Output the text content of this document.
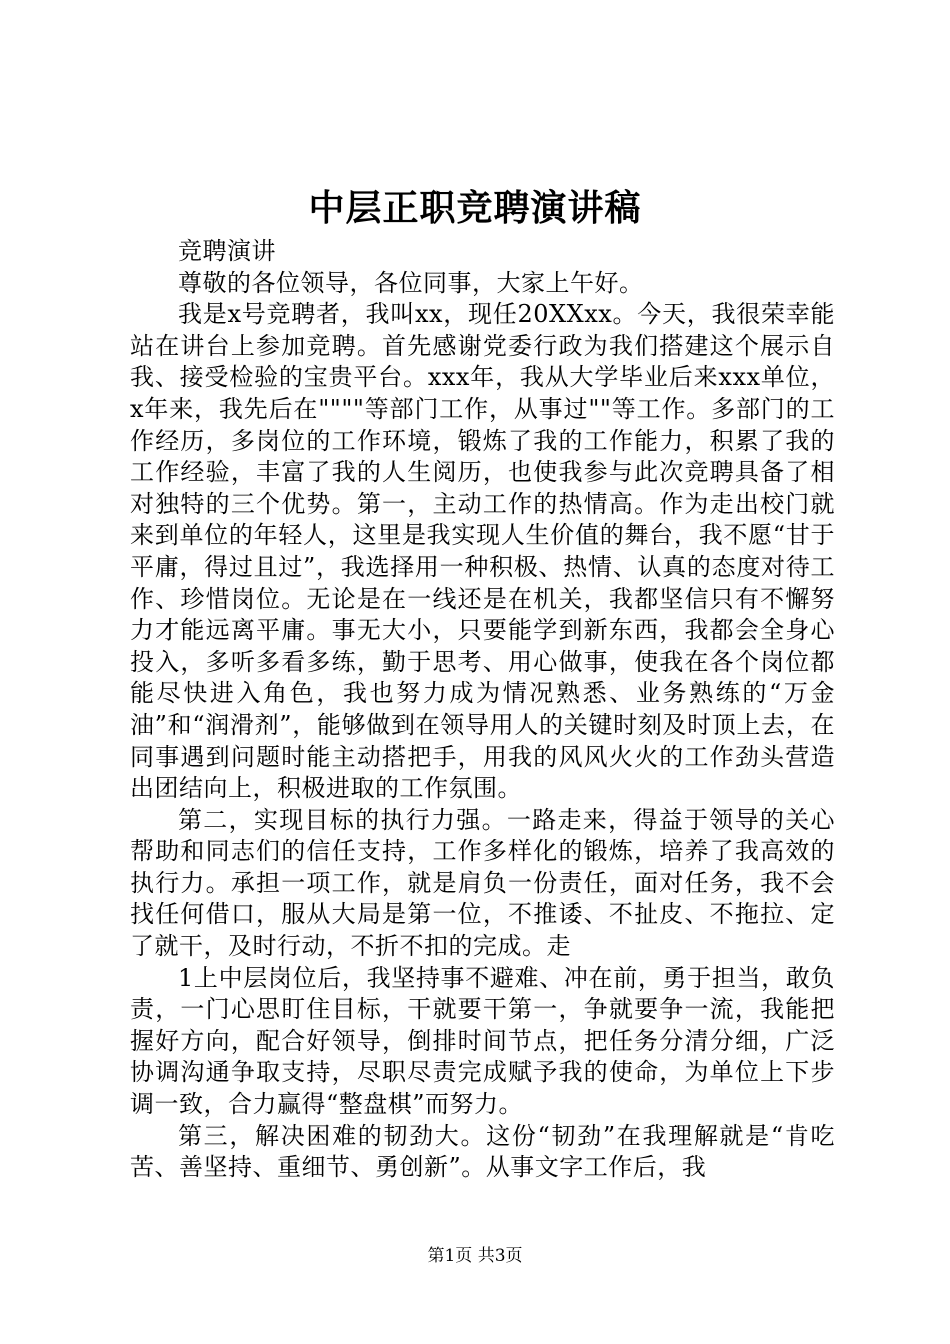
中层正职竞聘演讲稿

竞聘演讲

尊敬的各位领导，各位同事，大家上午好。

我是x号竞聘者，我叫xx，现任20XXxx。今天，我很荣幸能站在讲台上参加竞聘。首先感谢党委行政为我们搭建这个展示自我、接受检验的宝贵平台。xxx年，我从大学毕业后来xxx单位，x年来，我先后在""""等部门工作，从事过""等工作。多部门的工作经历，多岗位的工作环境，锻炼了我的工作能力，积累了我的工作经验，丰富了我的人生阅历，也使我参与此次竞聘具备了相对独特的三个优势。第一，主动工作的热情高。作为走出校门就来到单位的年轻人，这里是我实现人生价值的舞台，我不愿“甘于平庸，得过且过”，我选择用一种积极、热情、认真的态度对待工作、珍惜岗位。无论是在一线还是在机关，我都坚信只有不懈努力才能远离平庸。事无大小，只要能学到新东西，我都会全身心投入，多听多看多练，勤于思考、用心做事，使我在各个岗位都能尽快进入角色，我也努力成为情况熟悉、业务熟练的“万金油”和“润滑剂”，能够做到在领导用人的关键时刻及时顶上去，在同事遇到问题时能主动搭把手，用我的风风火火的工作劲头营造出团结向上，积极进取的工作氛围。

第二，实现目标的执行力强。一路走来，得益于领导的关心帮助和同志们的信任支持，工作多样化的锻炼，培养了我高效的执行力。承担一项工作，就是肩负一份责任，面对任务，我不会找任何借口，服从大局是第一位，不推诿、不扯皮、不拖拉、定了就干，及时行动，不折不扣的完成。走

1上中层岗位后，我坚持事不避难、冲在前，勇于担当，敢负责，一门心思盯住目标，干就要干第一，争就要争一流，我能把握好方向，配合好领导，倒排时间节点，把任务分清分细，广泛协调沟通争取支持，尽职尽责完成赋予我的使命，为单位上下步调一致，合力赢得“整盘棋”而努力。

第三，解决困难的韧劲大。这份“韧劲”在我理解就是“肯吃苦、善坚持、重细节、勇创新”。从事文字工作后，我

第1页 共3页
